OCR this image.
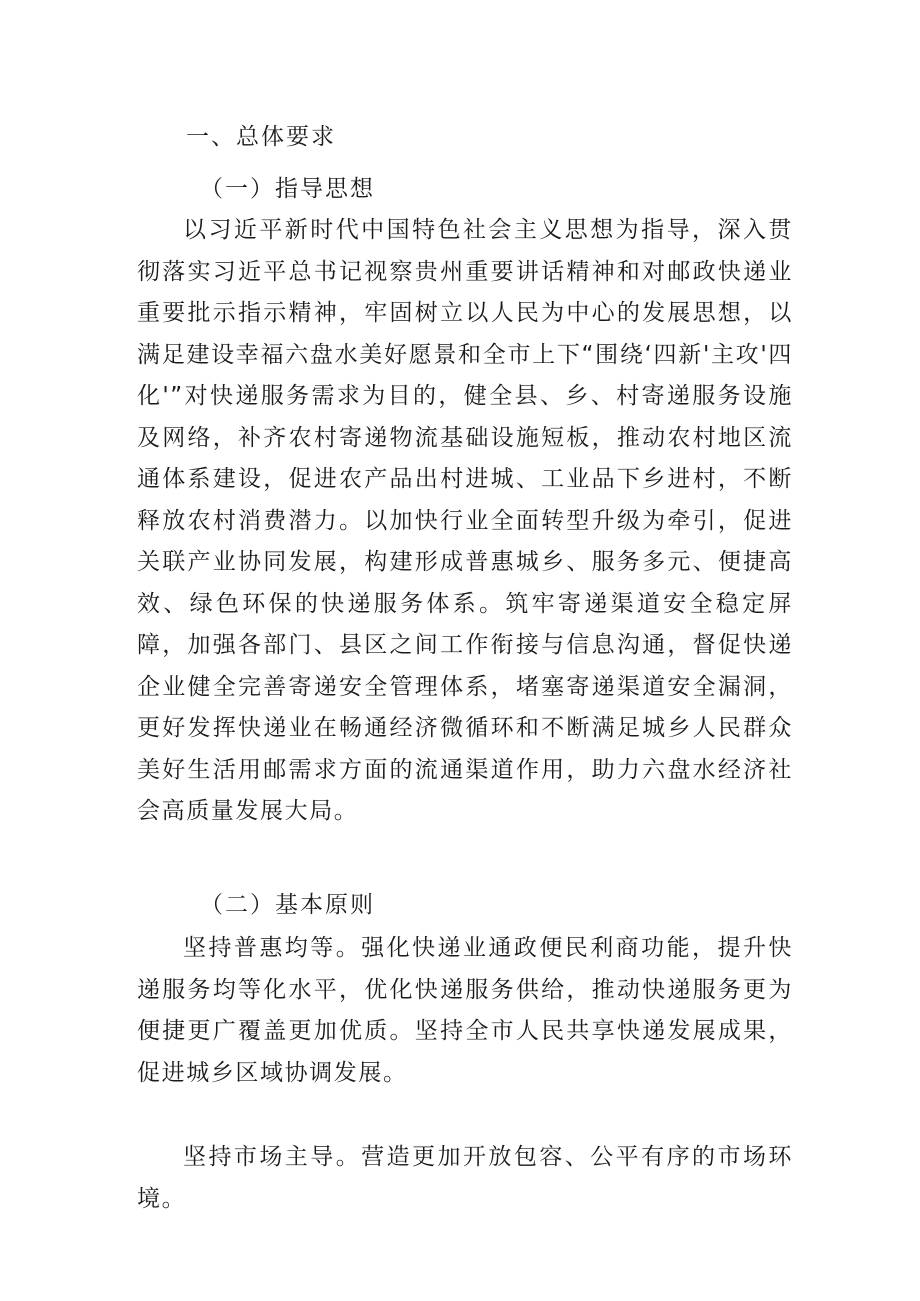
一、总体要求
（一）指导思想

以习近平新时代中国特色社会主义思想为指导，深入贯彻落实习近平总书记视察贵州重要讲话精神和对邮政快递业重要批示指示精神，牢固树立以人民为中心的发展思想，以满足建设幸福六盘水美好愿景和全市上下“围绕‘四新'主攻'四化'”对快递服务需求为目的，健全县、乡、村寄递服务设施及网络，补齐农村寄递物流基础设施短板，推动农村地区流通体系建设，促进农产品出村进城、工业品下乡进村，不断释放农村消费潜力。以加快行业全面转型升级为牵引，促进关联产业协同发展，构建形成普惠城乡、服务多元、便捷高效、绿色环保的快递服务体系。筑牢寄递渠道安全稳定屏障，加强各部门、县区之间工作衔接与信息沟通，督促快递企业健全完善寄递安全管理体系，堵塞寄递渠道安全漏洞，更好发挥快递业在畅通经济微循环和不断满足城乡人民群众美好生活用邮需求方面的流通渠道作用，助力六盘水经济社会高质量发展大局。

（二）基本原则

坚持普惠均等。强化快递业通政便民利商功能，提升快递服务均等化水平，优化快递服务供给，推动快递服务更为便捷更广覆盖更加优质。坚持全市人民共享快递发展成果，促进城乡区域协调发展。

坚持市场主导。营造更加开放包容、公平有序的市场环境。
